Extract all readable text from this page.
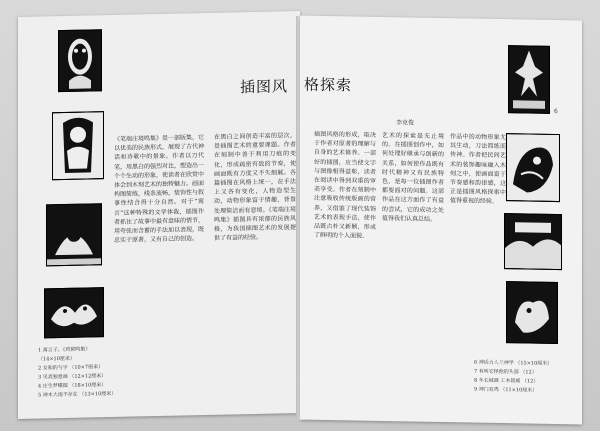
1 寓言子、《鸡窝鸣集》
（14×10厘米）
2 女和的与字 （10×7厘米）
3 见真独意画 （12×12厘米）
4 庄生梦蝶图 （18×10厘米）
5 神木大雨不存在 （13×10厘米）
《笔端庄境鸣集》是一部版集，它以优美的民族形式，展现了古代神话和诗歌中的景象。作者以刀代笔，用黑白的强烈对比，塑造出一个个生动的形象，使读者在欣赏中体会到木刻艺术的独特魅力。画面构图简练，线条流畅，装饰性与叙事性结合得十分自然。对于“寓言”这种特殊的文学体裁，插图作者抓住了故事中最有意味的情节，用夸张而含蓄的手法加以表现，既忠实于原著，又有自己的创造。
在黑白之间创造丰富的层次，是插图艺术的重要课题。作者在刻制中善于利用刀痕的变化，形成疏密有致的节奏，使画面既有力度又不失细腻。各篇插图在风格上统一，在手法上又各有变化，人物造型生动，动物形象富于情趣，背景处理简洁而有意境。《笔端庄境鸣集》插图具有浓郁的民族风格，为我国插图艺术的发展提供了有益的经验。
插图风 格探索
李克俊
插图风格的形成，取决于作者对原著的理解与自身的艺术修养。一部好的插图，应当使文字与图像相得益彰，读者在阅读中得到双重的审美享受。作者在刻制中注意吸收传统版画的营养，又借鉴了现代装饰艺术的表现手法，使作品既古朴又新颖，形成了鲜明的个人面貌。
艺术的探索是无止境的。在插图创作中，如何处理好继承与创新的关系，如何使作品既有时代精神又有民族特色，是每一位插图作者都要面对的问题。这部作品在这方面作了有益的尝试，它的成功之处值得我们认真总结。
作品中的动物形象尤其生动，刀法简练而传神。作者把民间艺术的装饰趣味融入木刻之中，使画面富于节奏感和韵律感，这正是插图风格探索中值得重视的经验。
6
6 神话力人兰神学 （15×10厘米）
7 有叫它怪他的头部 （12）
8 车长城画 工木铭画 （12）
9 神门双鸡 （11×10厘米）
